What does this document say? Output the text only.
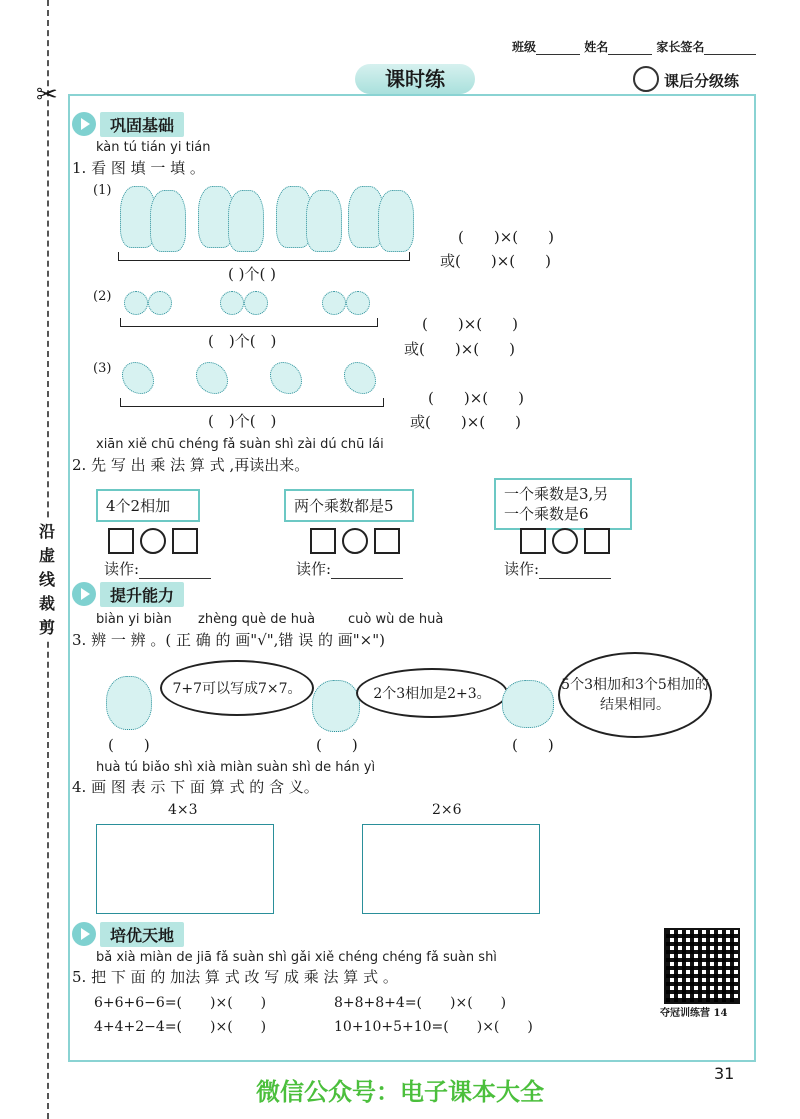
班级	姓名	家长签名
课时练	课后分级练
✂
沿
虚
线
裁
剪
巩固基础
kàn tú tián yi tián
1. 看 图 填 一 填 。
(1)
( )个( )
(　　)×(　　)
或(　　)×(　　)
(2)
(　)个(　)
(　　)×(　　)
或(　　)×(　　)
(3)
(　)个(　)
(　　)×(　　)
或(　　)×(　　)
xiān xiě chū chéng fǎ suàn shì zài dú chū lái
2. 先 写 出 乘 法 算 式 ,再读出来。
4个2相加	两个乘数都是5
一个乘数是3,另
一个乘数是6
读作:	读作:	读作:
提升能力
biàn yi biàn zhèng què de huà	cuò wù de huà
3. 辨 一 辨 。( 正 确 的 画"√",错 误 的 画"×")
7+7可以写成7×7。	2个3相加是2+3。
5个3相加和3个5相加的结果相同。
(　　)	(　　)	(　　)
huà tú biǎo shì xià miàn suàn shì de hán yì
4. 画 图 表 示 下 面 算 式 的 含 义。
4×3	2×6
培优天地
bǎ xià miàn de jiā fǎ suàn shì gǎi xiě chéng chéng fǎ suàn shì
5. 把 下 面 的 加法 算 式 改 写 成 乘 法 算 式 。
6+6+6−6=(　　)×(　　)	8+8+8+4=(　　)×(　　)
4+4+2−4=(　　)×(　　)	10+10+5+10=(　　)×(　　)
夺冠训练营 14
31
微信公众号：电子课本大全
